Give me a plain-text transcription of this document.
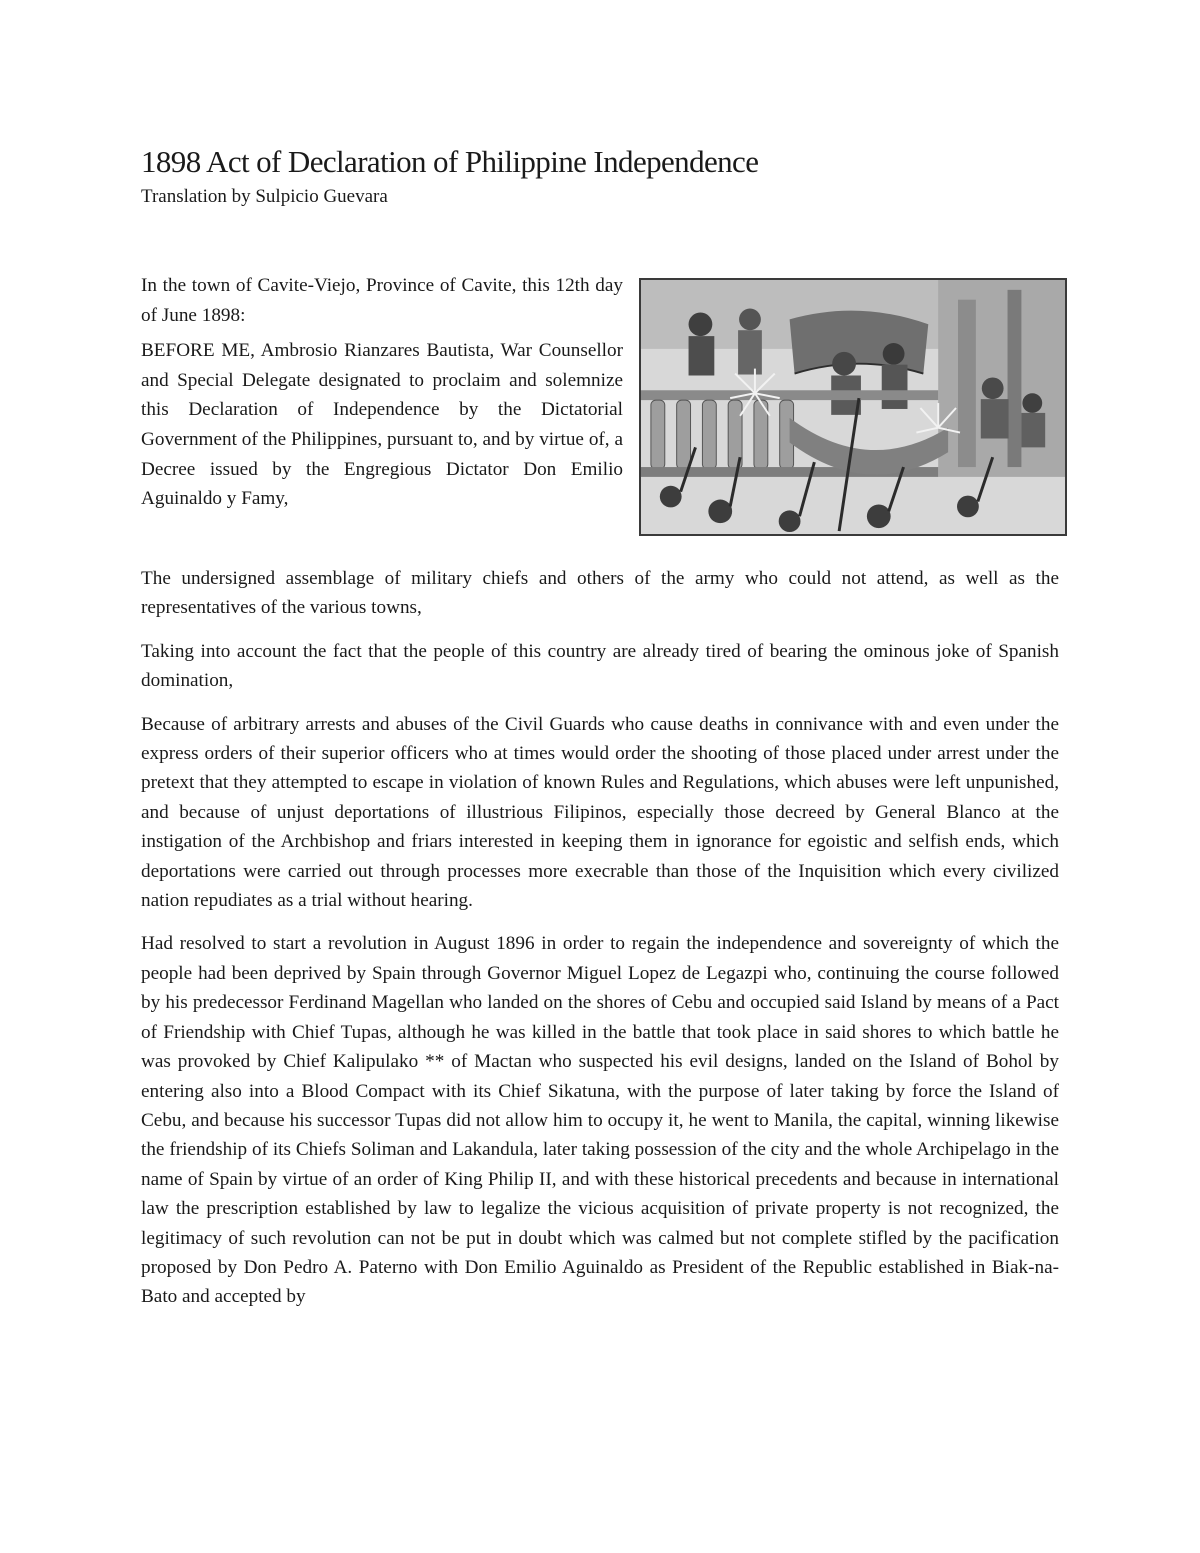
1898 Act of Declaration of Philippine Independence
Translation by Sulpicio Guevara

In the town of Cavite-Viejo, Province of Cavite, this 12th day of June 1898:

BEFORE ME, Ambrosio Rianzares Bautista, War Counsellor and Special Delegate designated to proclaim and solemnize this Declaration of Independence by the Dictatorial Government of the Philippines, pursuant to, and by virtue of, a Decree issued by the Engregious Dictator Don Emilio Aguinaldo y Famy,

The undersigned assemblage of military chiefs and others of the army who could not attend, as well as the representatives of the various towns,

Taking into account the fact that the people of this country are already tired of bearing the ominous joke of Spanish domination,

Because of arbitrary arrests and abuses of the Civil Guards who cause deaths in connivance with and even under the express orders of their superior officers who at times would order the shooting of those placed under arrest under the pretext that they attempted to escape in violation of known Rules and Regulations, which abuses were left unpunished, and because of unjust deportations of illustrious Filipinos, especially those decreed by General Blanco at the instigation of the Archbishop and friars interested in keeping them in ignorance for egoistic and selfish ends, which deportations were carried out through processes more execrable than those of the Inquisition which every civilized nation repudiates as a trial without hearing.

Had resolved to start a revolution in August 1896 in order to regain the independence and sovereignty of which the people had been deprived by Spain through Governor Miguel Lopez de Legazpi who, continuing the course followed by his predecessor Ferdinand Magellan who landed on the shores of Cebu and occupied said Island by means of a Pact of Friendship with Chief Tupas, although he was killed in the battle that took place in said shores to which battle he was provoked by Chief Kalipulako ** of Mactan who suspected his evil designs, landed on the Island of Bohol by entering also into a Blood Compact with its Chief Sikatuna, with the purpose of later taking by force the Island of Cebu, and because his successor Tupas did not allow him to occupy it, he went to Manila, the capital, winning likewise the friendship of its Chiefs Soliman and Lakandula, later taking possession of the city and the whole Archipelago in the name of Spain by virtue of an order of King Philip II, and with these historical precedents and because in international law the prescription established by law to legalize the vicious acquisition of private property is not recognized, the legitimacy of such revolution can not be put in doubt which was calmed but not complete stifled by the pacification proposed by Don Pedro A. Paterno with Don Emilio Aguinaldo as President of the Republic established in Biak-na-Bato and accepted by
